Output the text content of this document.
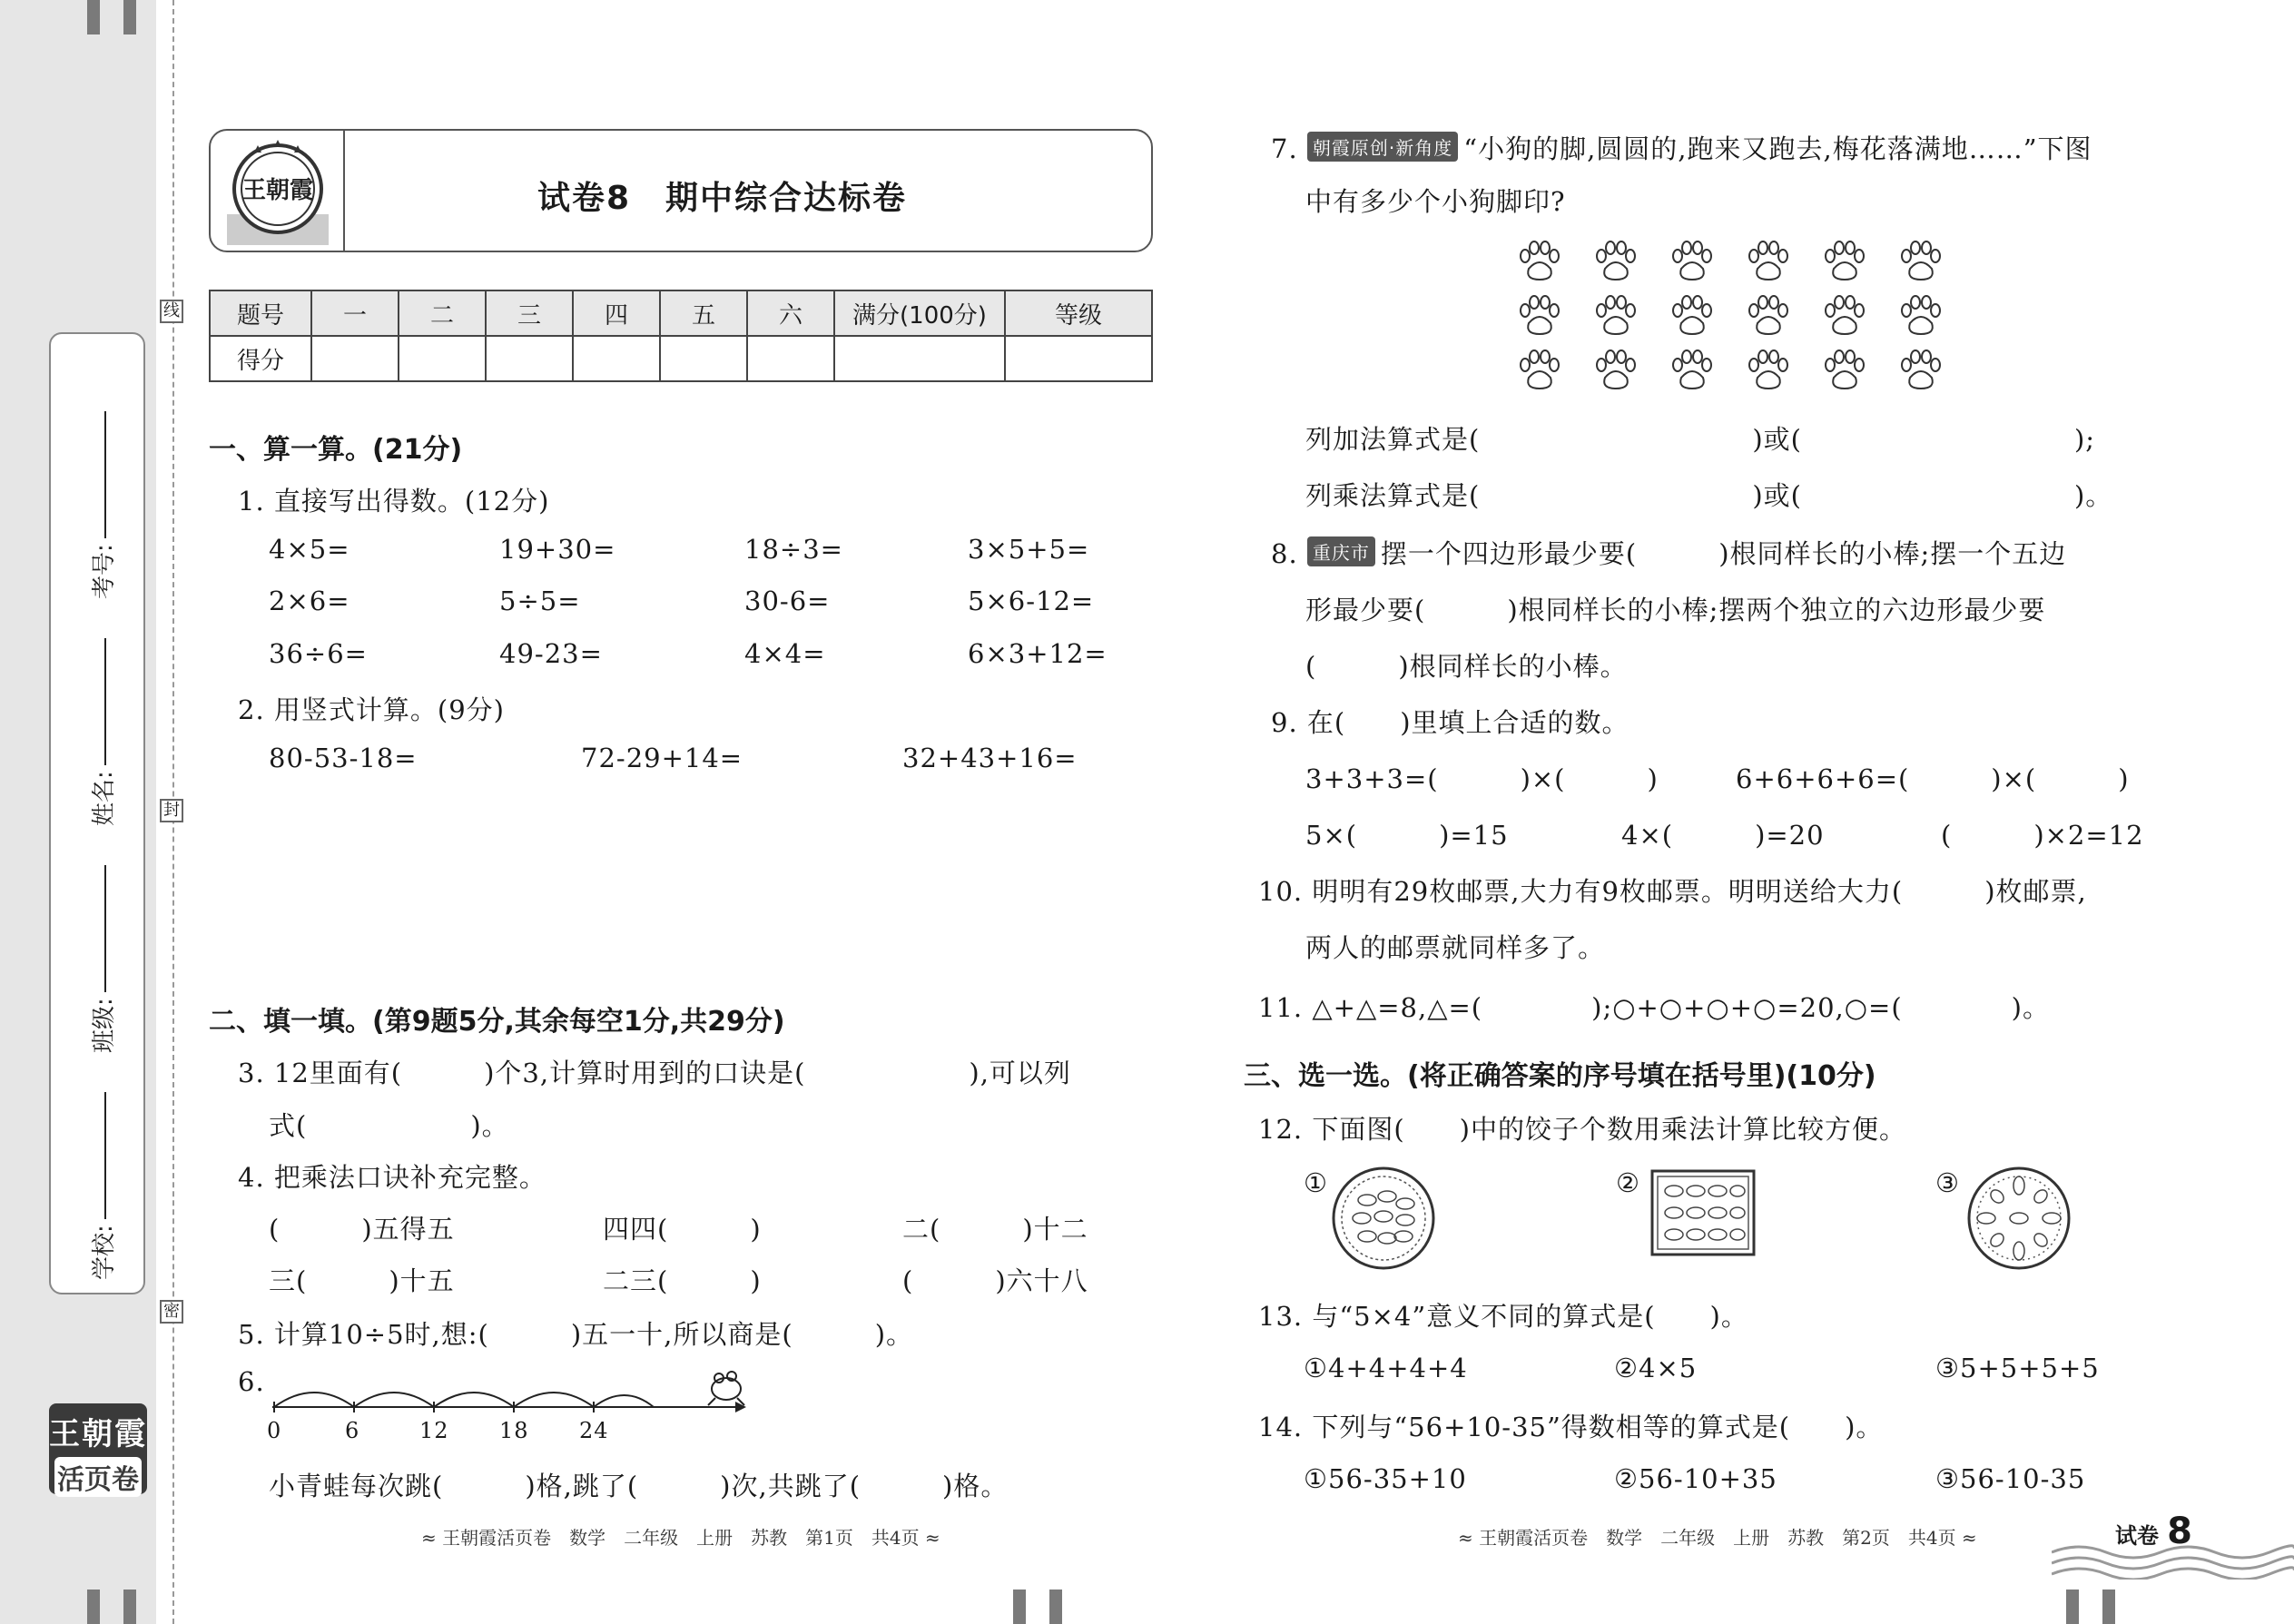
考号:
姓名:
班级:
学校:
线
封
密
王朝霞
活页卷
王朝霞	试卷8　期中综合达标卷
题号	一	二	三	四	五	六	满分(100分)	等级
得分								
一、算一算。(21分)
1. 直接写出得数。(12分)
4×5=	19+30=	18÷3=	3×5+5=
2×6=	5÷5=	30-6=	5×6-12=
36÷6=	49-23=	4×4=	6×3+12=
2. 用竖式计算。(9分)
80-53-18=	72-29+14=	32+43+16=
二、填一填。(第9题5分,其余每空1分,共29分)
3. 12里面有(　　　)个3,计算时用到的口诀是(　　　　　　),可以列
式(　　　　　　)。
4. 把乘法口诀补充完整。
(　　　)五得五	四四(　　　)	二(　　　)十二
三(　　　)十五	二三(　　　)	(　　　)六十八
5. 计算10÷5时,想:(　　　)五一十,所以商是(　　　)。
6.
0	6	12 18 24
小青蛙每次跳(　　　)格,跳了(　　　)次,共跳了(　　　)格。
≈ 王朝霞活页卷　数学　二年级　上册　苏教　第1页　共4页 ≈
7. 朝霞原创·新角度 “小狗的脚,圆圆的,跑来又跑去,梅花落满地……”下图
中有多少个小狗脚印?
列加法算式是(　　　　　　　　　　)或(　　　　　　　　　　);
列乘法算式是(　　　　　　　　　　)或(　　　　　　　　　　)。
8. 重庆市 摆一个四边形最少要(　　　)根同样长的小棒;摆一个五边
形最少要(　　　)根同样长的小棒;摆两个独立的六边形最少要
(　　　)根同样长的小棒。
9. 在(　　)里填上合适的数。
3+3+3=(　　　)×(　　　)	6+6+6+6=(　　　)×(　　　)
5×(　　　)=15	4×(　　　)=20	(　　　)×2=12
10. 明明有29枚邮票,大力有9枚邮票。明明送给大力(　　　)枚邮票,
两人的邮票就同样多了。
11. △+△=8,△=(　　　　);○+○+○+○=20,○=(　　　　)。
三、选一选。(将正确答案的序号填在括号里)(10分)
12. 下面图(　　)中的饺子个数用乘法计算比较方便。
①	②	③
13. 与“5×4”意义不同的算式是(　　)。
①4+4+4+4	②4×5	③5+5+5+5
14. 下列与“56+10-35”得数相等的算式是(　　)。
①56-35+10	②56-10+35	③56-10-35
≈ 王朝霞活页卷　数学　二年级　上册　苏教　第2页　共4页 ≈	试卷 8
